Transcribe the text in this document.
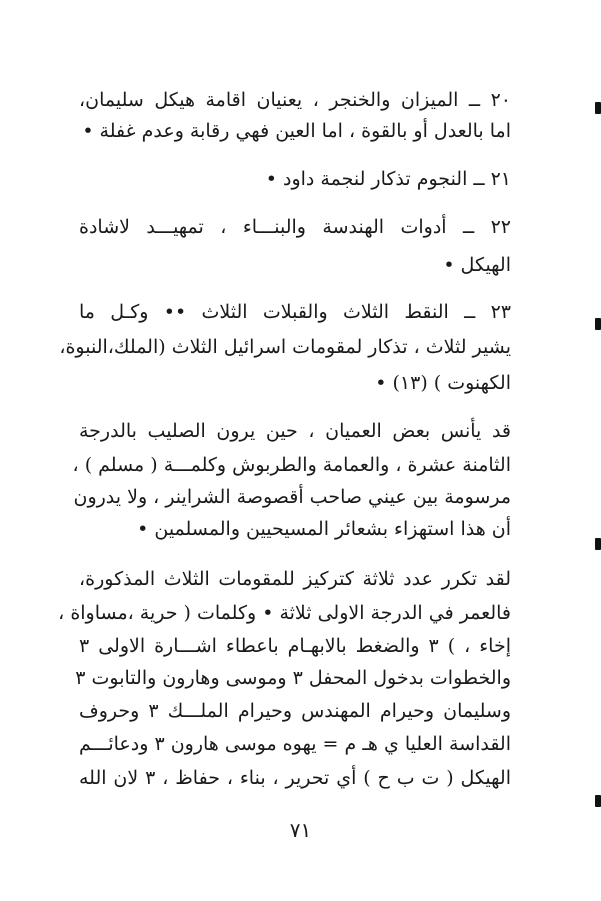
٢٠ ــ الميزان والخنجر ، يعنيان اقامة هيكل سليمان،
اما بالعدل أو بالقوة ، اما العين فهي رقابة وعدم غفلة •
٢١ ــ النجوم تذكار لنجمة داود •
٢٢ ــ أدوات الهندسة والبنـــاء ، تمهيـــد لاشادة
الهيكل •
٢٣ ــ النقط الثلاث والقبلات الثلاث •• وكـل ما
يشير لثلاث ، تذكار لمقومات اسرائيل الثلاث (الملك،النبوة،
الكهنوت ) (١٣) •
قد يأنس بعض العميان ، حين يرون الصليب بالدرجة
الثامنة عشرة ، والعمامة والطربوش وكلمـــة ( مسلم ) ،
مرسومة بين عيني صاحب أقصوصة الشراينر ، ولا يدرون
أن هذا استهزاء بشعائر المسيحيين والمسلمين •
لقد تكرر عدد ثلاثة كتركيز للمقومات الثلاث المذكورة،
فالعمر في الدرجة الاولى ثلاثة • وكلمات ( حرية ،مساواة ،
إخاء ، ) ٣ والضغط بالابهـام باعطاء اشـــارة الاولى ٣
والخطوات بدخول المحفل ٣ وموسى وهارون والتابوت ٣
وسليمان وحيرام المهندس وحيرام الملـــك ٣ وحروف
القداسة العليا ي هـ م = يهوه موسى هارون ٣ ودعائـــم
الهيكل ( ت ب ح ) أي تحرير ، بناء ، حفاظ ، ٣ لان الله
٧١
